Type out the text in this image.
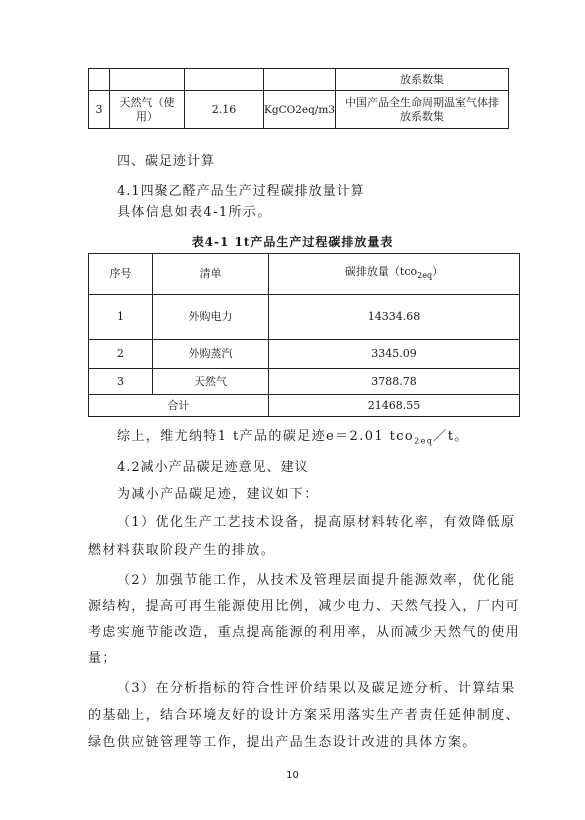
				放系数集
3	天然气（使用）	2.16	KgCO2eq/m3	中国产品全生命周期温室气体排放系数集
四、碳足迹计算
4.1四聚乙醛产品生产过程碳排放量计算
具体信息如表4-1所示。
表4-1 1t产品生产过程碳排放量表
序号	清单	碳排放量（tco$_{2eq}$）
1	外购电力	14334.68
2	外购蒸汽	3345.09
3	天然气	3788.78
合计		21468.55
综上，维尤纳特1 t产品的碳足迹e＝2.01 tco$_{2eq}$／t。
4.2减小产品碳足迹意见、建议
为减小产品碳足迹，建议如下：
（1）优化生产工艺技术设备，提高原材料转化率，有效降低原
燃材料获取阶段产生的排放。
（2）加强节能工作，从技术及管理层面提升能源效率，优化能
源结构，提高可再生能源使用比例，减少电力、天然气投入，厂内可
考虑实施节能改造，重点提高能源的利用率，从而减少天然气的使用
量；
（3）在分析指标的符合性评价结果以及碳足迹分析、计算结果
的基础上，结合环境友好的设计方案采用落实生产者责任延伸制度、
绿色供应链管理等工作，提出产品生态设计改进的具体方案。
10
